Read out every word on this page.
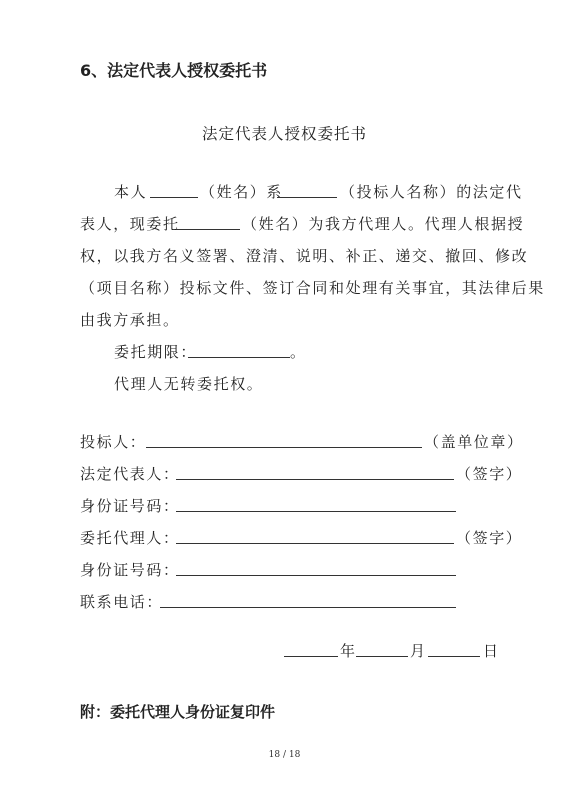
6、法定代表人授权委托书
法定代表人授权委托书
本人	（姓名）系	（投标人名称）的法定代
表人，现委托	（姓名）为我方代理人。代理人根据授
权，以我方名义签署、澄清、说明、补正、递交、撤回、修改
（项目名称）投标文件、签订合同和处理有关事宜，其法律后果
由我方承担。
委托期限：	。
代理人无转委托权。
投标人：	（盖单位章）
法定代表人：	（签字）
身份证号码：
委托代理人：	（签字）
身份证号码：
联系电话：
年	月	日
附：委托代理人身份证复印件
18 / 18
